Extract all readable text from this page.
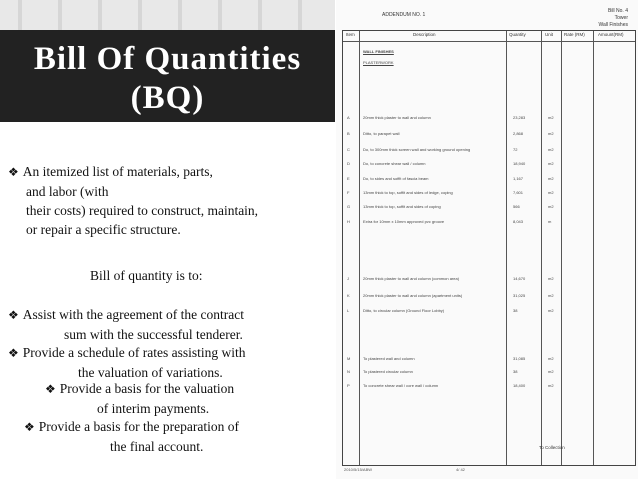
Bill Of Quantities
(BQ)
❖ An itemized list of materials, parts,
and labor (with
their costs) required to construct, maintain,
or repair a specific structure.
Bill of quantity is to:
❖ Assist with the agreement of the contract
sum with the successful tenderer.
❖ Provide a schedule of rates assisting with
the valuation of variations.
❖ Provide a basis for the valuation
of interim payments.
❖ Provide a basis for the preparation of
the final account.
ADDENDUM NO. 1
Bill No. 4
Tower
Wall Finishes
Item	Description	Quantity	Unit Rate (RM)	Amount(RM)
WALL FINISHES
PLASTERWORK
A	20mm thick plaster to wall and column	23,283	m2
B	Ditto, to parapet wall	2,868	m2
C	Do, to 300mm thick screen wall and working ground opening	72	m2
D	Do, to concrete shear wall / column	18,940	m2
E	Do, to sides and soffit of fascia beam	1,167	m2
F	13mm thick to top, soffit and sides of ledge, coping	7,601	m2
G	13mm thick to top, soffit and sides of coping	566	m2
H	Extra for 10mm x 10mm approved pvc groove	8,043	m
J	20mm thick plaster to wall and column (common area)	14,670	m2
K	20mm thick plaster to wall and column (apartment units)	31,025	m2
L	Ditto, to circular column (Ground Floor Lobby)	38	m2
M	To plastered wall and column	31,085	m2
N	To plastered circular column	38	m2
P	To concrete shear wall / core wall / column	18,400	m2
To Collection
2010/5/15/ABW	4/ 42
